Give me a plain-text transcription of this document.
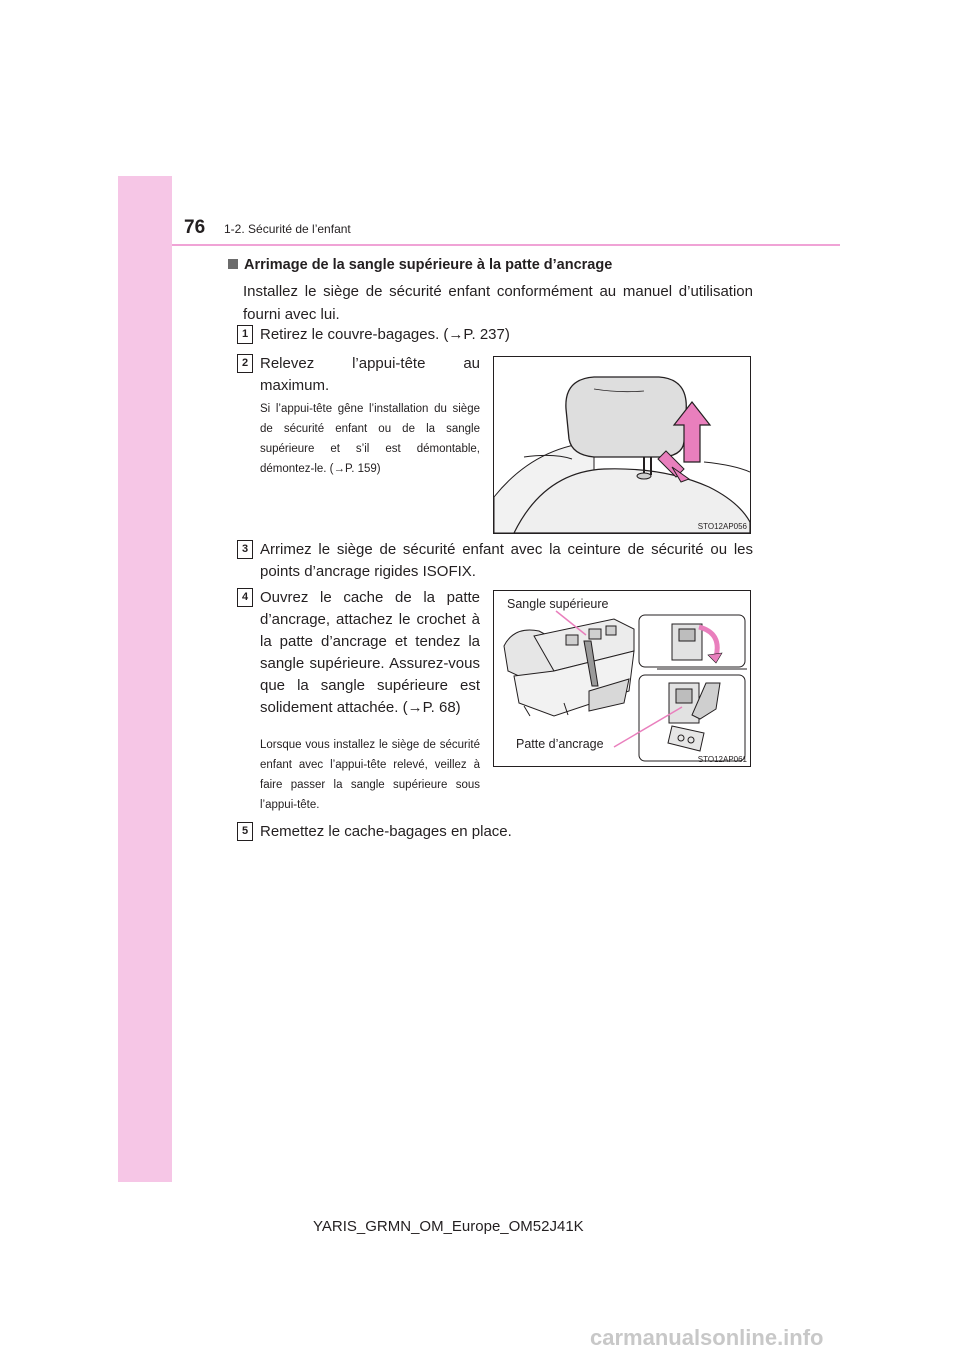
76 1-2. Sécurité de l’enfant
Arrimage de la sangle supérieure à la patte d’ancrage
Installez le siège de sécurité enfant conformément au manuel d’utilisation fourni avec lui.
1 Retirez le couvre-bagages. (→P. 237)
2 Relevez l’appui-tête au maximum.
Si l’appui-tête gêne l’installation du siège de sécurité enfant ou de la sangle supérieure et s’il est démontable, démontez-le. (→P. 159)
STO12AP056
3 Arrimez le siège de sécurité enfant avec la ceinture de sécurité ou les points d’ancrage rigides ISOFIX.
4 Ouvrez le cache de la patte d’ancrage, attachez le crochet à la patte d’ancrage et tendez la sangle supérieure. Assurez-vous que la sangle supérieure est solidement attachée. (→P. 68)
Lorsque vous installez le siège de sécurité enfant avec l’appui-tête relevé, veillez à faire passer la sangle supérieure sous l’appui-tête.
Sangle supérieure
Patte d’ancrage
STO12AP061
5 Remettez le cache-bagages en place.
YARIS_GRMN_OM_Europe_OM52J41K
carmanualsonline.info
